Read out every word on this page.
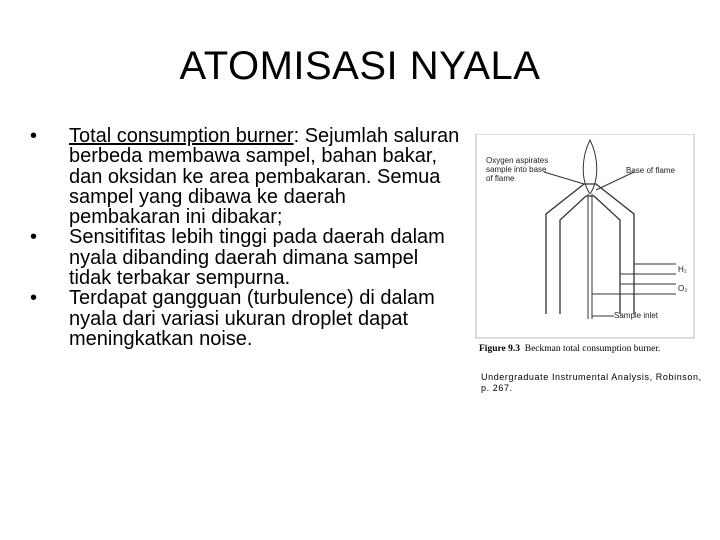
ATOMISASI NYALA
• Total consumption burner: Sejumlah saluran berbeda membawa sampel, bahan bakar, dan oksidan ke area pembakaran. Semua sampel yang dibawa ke daerah pembakaran ini dibakar;
• Sensitifitas lebih tinggi pada daerah dalam nyala dibanding daerah dimana sampel tidak terbakar sempurna.
• Terdapat gangguan (turbulence) di dalam nyala dari variasi ukuran droplet dapat meningkatkan noise.
Oxygen aspirates
sample into base
of flame
Base of flame
H₂
O₂
Sample inlet
Figure 9.3 Beckman total consumption burner.
Undergraduate Instrumental Analysis, Robinson, p. 267.
